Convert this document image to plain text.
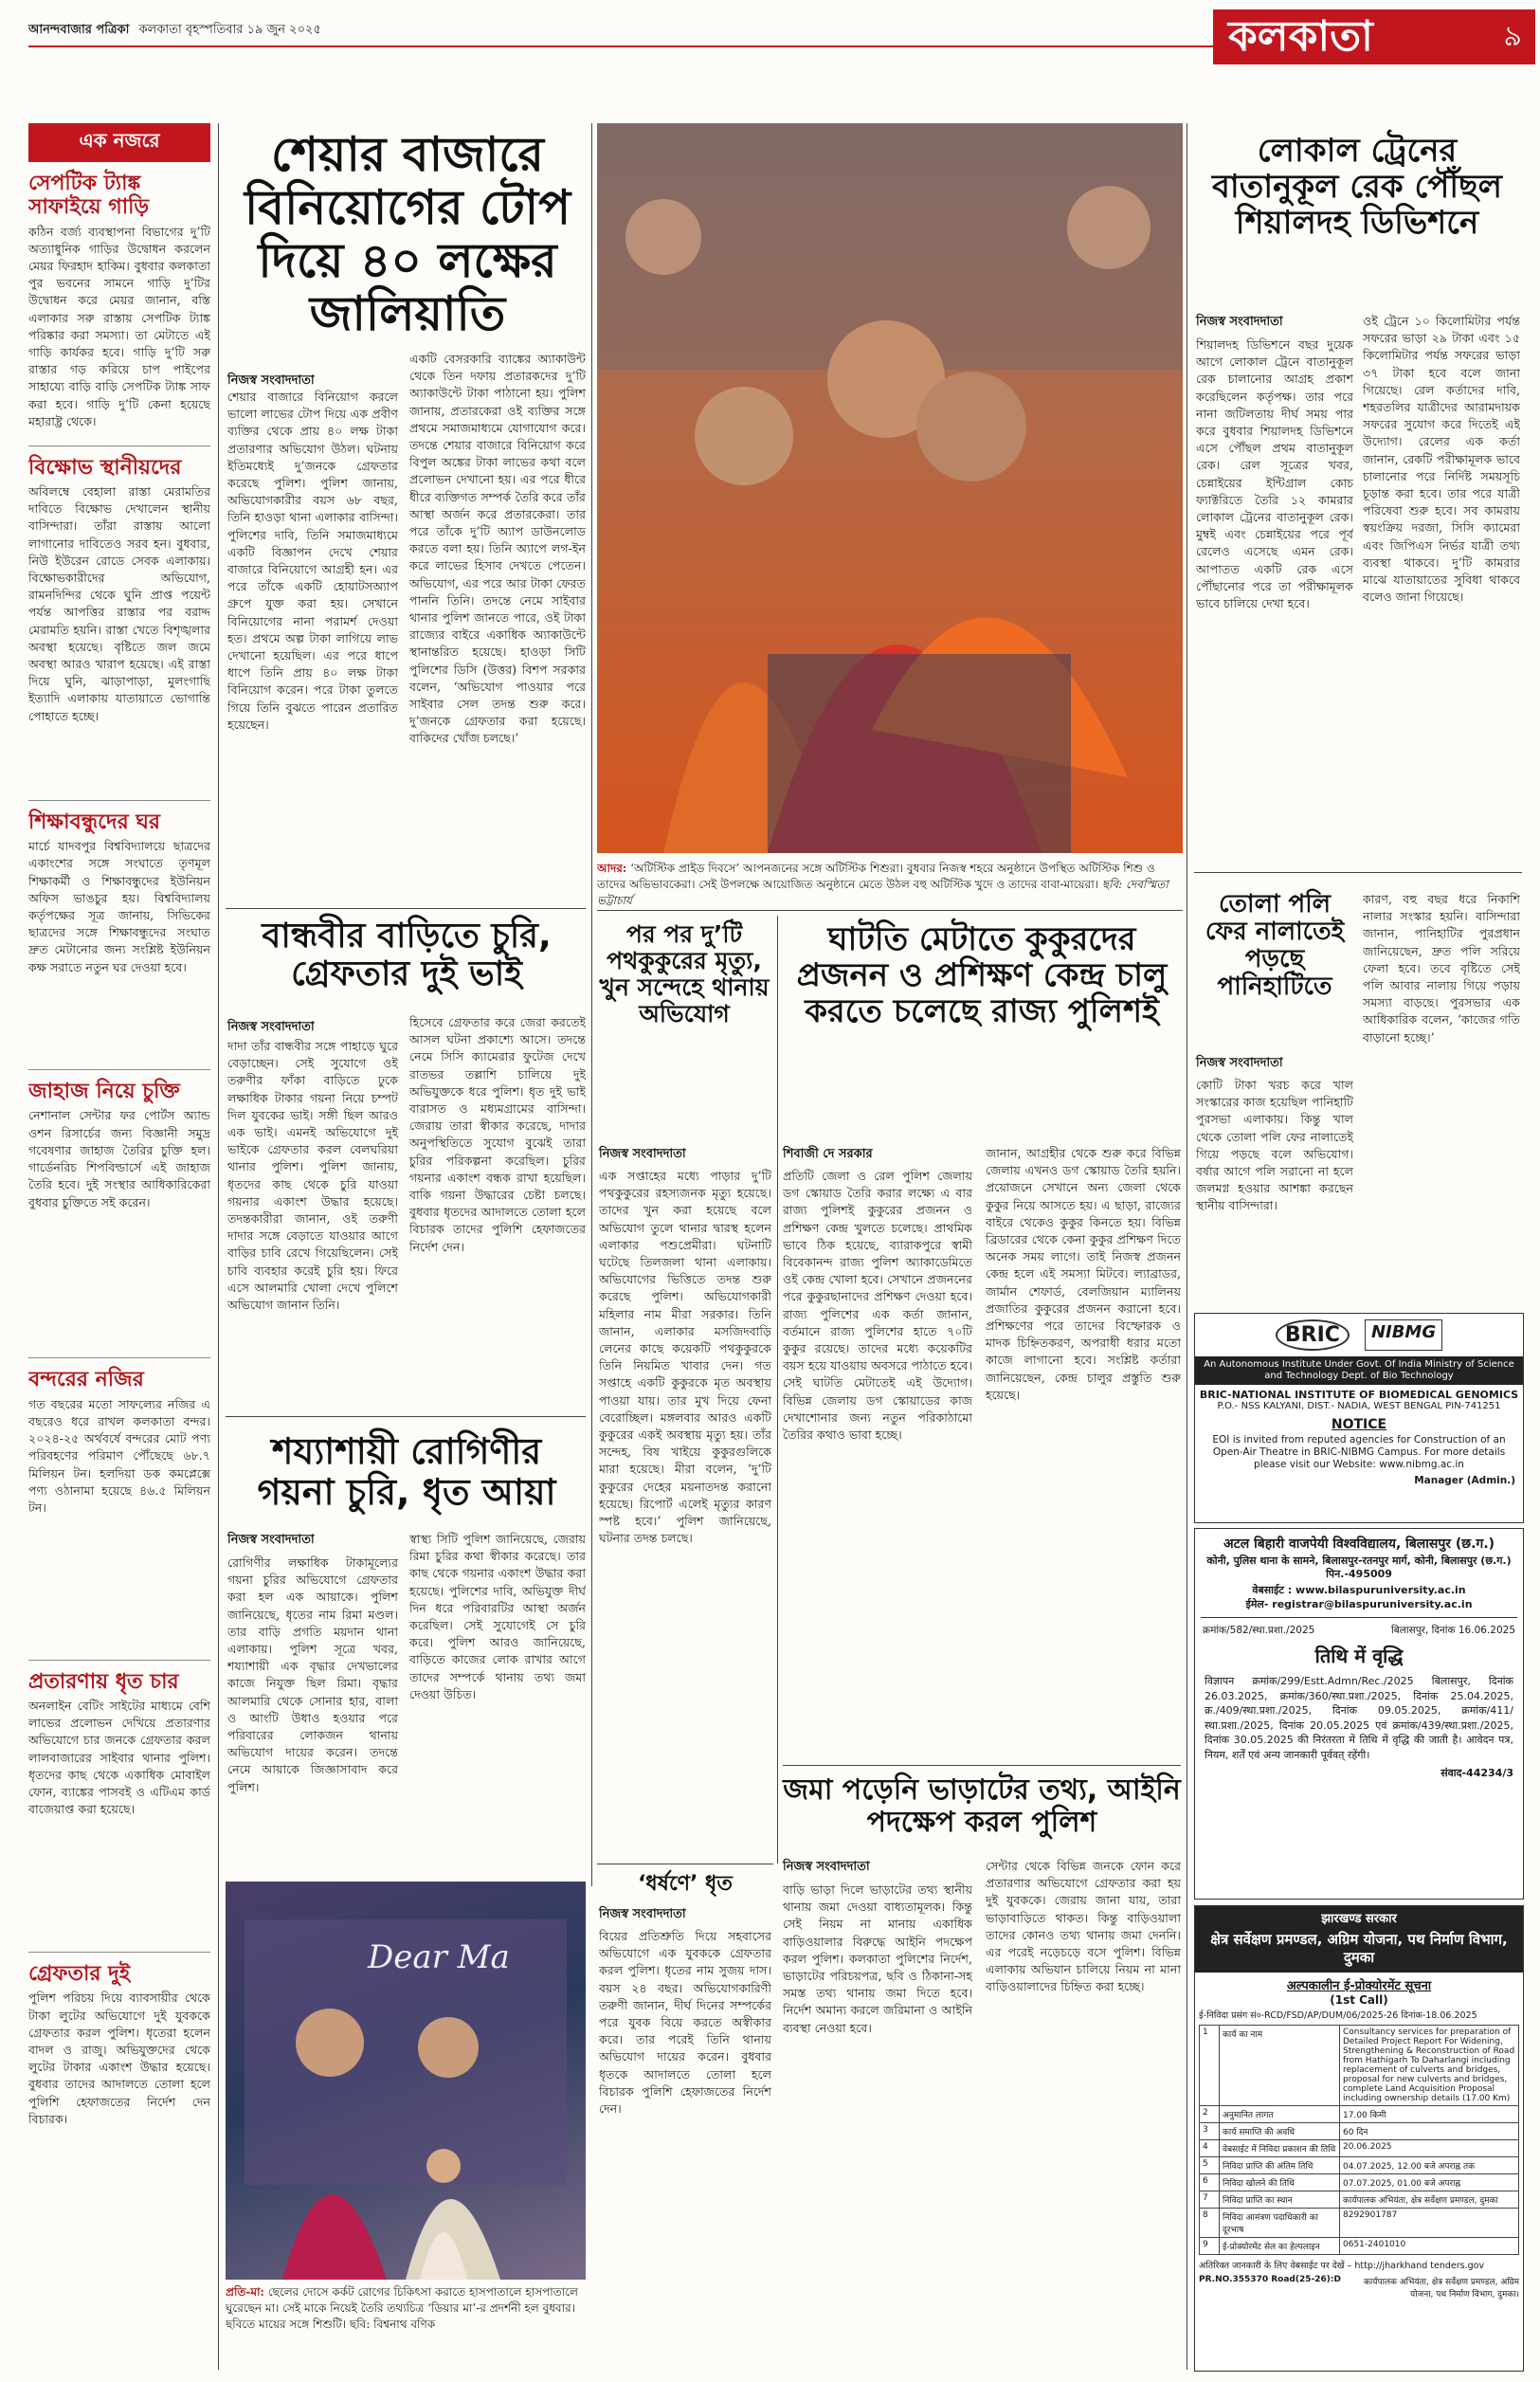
আনন্দবাজার পত্রিকা কলকাতা বৃহস্পতিবার ১৯ জুন ২০২৫	কলকাতা	৯
এক নজরে
সেপটিক ট্যাঙ্ক সাফাইয়ে গাড়ি
কঠিন বর্জ্য ব্যবস্থাপনা বিভাগের দু’টি অত্যাধুনিক গাড়ির উদ্বোধন করলেন মেয়র ফিরহাদ হাকিম। বুধবার কলকাতা পুর ভবনের সামনে গাড়ি দু’টির উদ্বোধন করে মেয়র জানান, বস্তি এলাকার সরু রাস্তায় সেপটিক ট্যাঙ্ক পরিষ্কার করা সমস্যা। তা মেটাতে এই গাড়ি কার্যকর হবে। গাড়ি দু’টি সরু রাস্তার গড় করিয়ে চাপ পাইপের সাহায্যে বাড়ি বাড়ি সেপটিক ট্যাঙ্ক সাফ করা হবে। গাড়ি দু’টি কেনা হয়েছে মহারাষ্ট্র থেকে।
বিক্ষোভ স্থানীয়দের
অবিলম্বে বেহালা রাস্তা মেরামতির দাবিতে বিক্ষোভ দেখালেন স্থানীয় বাসিন্দারা। তাঁরা রাস্তায় আলো লাগানোর দাবিতেও সরব হন। বুধবার, নিউ ইউরেন রোডে সেবক এলাকায়। বিক্ষোভকারীদের অভিযোগ, রামনদিন্দির থেকে ঘুনি প্রাপ্ত পয়েন্ট পর্যন্ত আপত্তির রাস্তার পর বরাদ্দ মেরামতি হয়নি। রাস্তা খেতে বিশৃঙ্খলার অবস্থা হয়েছে। বৃষ্টিতে জল জমে অবস্থা আরও খারাপ হয়েছে। এই রাস্তা দিয়ে ঘুনি, ঝাড়াপাড়া, মুলংগাছি ইত্যাদি এলাকায় যাতায়াতে ভোগান্তি পোহাতে হচ্ছে।
শিক্ষাবন্ধুদের ঘর
মার্চে যাদবপুর বিশ্ববিদ্যালয়ে ছাত্রদের একাংশের সঙ্গে সংঘাতে তৃণমূল শিক্ষাকর্মী ও শিক্ষাবন্ধুদের ইউনিয়ন অফিস ভাঙচুর হয়। বিশ্ববিদ্যালয় কর্তৃপক্ষের সূত্র জানায়, সিভিকের ছাত্রদের সঙ্গে শিক্ষাবন্ধুদের সংঘাত দ্রুত মেটানোর জন্য সংশ্লিষ্ট ইউনিয়ন কক্ষ সরাতে নতুন ঘর দেওয়া হবে।
জাহাজ নিয়ে চুক্তি
নেশানাল সেন্টার ফর পোর্টস অ্যান্ড ওশন রিসার্চের জন্য বিজ্ঞানী সমুদ্র গবেষণার জাহাজ তৈরির চুক্তি হল। গার্ডেনরিচ শিপবিল্ডার্সে এই জাহাজ তৈরি হবে। দুই সংস্থার আধিকারিকেরা বুধবার চুক্তিতে সই করেন।
বন্দরের নজির
গত বছরের মতো সাফল্যের নজির এ বছরেও ধরে রাখল কলকাতা বন্দর। ২০২৪-২৫ অর্থবর্ষে বন্দরের মোট পণ্য পরিবহণের পরিমাণ পৌঁছেছে ৬৮.৭ মিলিয়ন টন। হলদিয়া ডক কমপ্লেক্সে পণ্য ওঠানামা হয়েছে ৪৬.৫ মিলিয়ন টন।
প্রতারণায় ধৃত চার
অনলাইন বেটিং সাইটের মাধ্যমে বেশি লাভের প্রলোভন দেখিয়ে প্রতারণার অভিযোগে চার জনকে গ্রেফতার করল লালবাজারের সাইবার থানার পুলিশ। ধৃতদের কাছ থেকে একাধিক মোবাইল ফোন, ব্যাঙ্কের পাসবই ও এটিএম কার্ড বাজেয়াপ্ত করা হয়েছে।
গ্রেফতার দুই
পুলিশ পরিচয় দিয়ে ব্যাবসায়ীর থেকে টাকা লুটের অভিযোগে দুই যুবককে গ্রেফতার করল পুলিশ। ধৃতেরা হলেন বাদল ও রাজু। অভিযুক্তদের থেকে লুটের টাকার একাংশ উদ্ধার হয়েছে। বুধবার তাদের আদালতে তোলা হলে পুলিশি হেফাজতের নির্দেশ দেন বিচারক।
শেয়ার বাজারে বিনিয়োগের টোপ দিয়ে ৪০ লক্ষের জালিয়াতি
নিজস্ব সংবাদদাতা
শেয়ার বাজারে বিনিয়োগ করলে ভালো লাভের টোপ দিয়ে এক প্রবীণ ব্যক্তির থেকে প্রায় ৪০ লক্ষ টাকা প্রতারণার অভিযোগ উঠল। ঘটনায় ইতিমধ্যেই দু’জনকে গ্রেফতার করেছে পুলিশ। পুলিশ জানায়, অভিযোগকারীর বয়স ৬৮ বছর, তিনি হাওড়া থানা এলাকার বাসিন্দা। পুলিশের দাবি, তিনি সমাজমাধ্যমে একটি বিজ্ঞাপন দেখে শেয়ার বাজারে বিনিয়োগে আগ্রহী হন। এর পরে তাঁকে একটি হোয়াটসঅ্যাপ গ্রুপে যুক্ত করা হয়। সেখানে বিনিয়োগের নানা পরামর্শ দেওয়া হত। প্রথমে অল্প টাকা লাগিয়ে লাভ দেখানো হয়েছিল। এর পরে ধাপে ধাপে তিনি প্রায় ৪০ লক্ষ টাকা বিনিয়োগ করেন। পরে টাকা তুলতে গিয়ে তিনি বুঝতে পারেন প্রতারিত হয়েছেন।
একটি বেসরকারি ব্যাঙ্কের অ্যাকাউন্ট থেকে তিন দফায় প্রতারকদের দু’টি অ্যাকাউন্টে টাকা পাঠানো হয়। পুলিশ জানায়, প্রতারকেরা ওই ব্যক্তির সঙ্গে প্রথমে সমাজমাধ্যমে যোগাযোগ করে। তদন্তে শেয়ার বাজারে বিনিয়োগ করে বিপুল অঙ্কের টাকা লাভের কথা বলে প্রলোভন দেখানো হয়। এর পরে ধীরে ধীরে ব্যক্তিগত সম্পর্ক তৈরি করে তাঁর আস্থা অর্জন করে প্রতারকেরা। তার পরে তাঁকে দু’টি অ্যাপ ডাউনলোড করতে বলা হয়। তিনি অ্যাপে লগ-ইন করে লাভের হিসাব দেখতে পেতেন। অভিযোগ, এর পরে আর টাকা ফেরত পাননি তিনি। তদন্তে নেমে সাইবার থানার পুলিশ জানতে পারে, ওই টাকা রাজ্যের বাইরে একাধিক অ্যাকাউন্টে স্থানান্তরিত হয়েছে। হাওড়া সিটি পুলিশের ডিসি (উত্তর) বিশপ সরকার বলেন, ‘অভিযোগ পাওয়ার পরে সাইবার সেল তদন্ত শুরু করে। দু’জনকে গ্রেফতার করা হয়েছে। বাকিদের খোঁজ চলছে।’
বান্ধবীর বাড়িতে চুরি, গ্রেফতার দুই ভাই
নিজস্ব সংবাদদাতা
দাদা তাঁর বান্ধবীর সঙ্গে পাহাড়ে ঘুরে বেড়াচ্ছেন। সেই সুযোগে ওই তরুণীর ফাঁকা বাড়িতে ঢুকে লক্ষাধিক টাকার গয়না নিয়ে চম্পট দিল যুবকের ভাই। সঙ্গী ছিল আরও এক ভাই। এমনই অভিযোগে দুই ভাইকে গ্রেফতার করল বেলঘরিয়া থানার পুলিশ। পুলিশ জানায়, ধৃতদের কাছ থেকে চুরি যাওয়া গয়নার একাংশ উদ্ধার হয়েছে। তদন্তকারীরা জানান, ওই তরুণী দাদার সঙ্গে বেড়াতে যাওয়ার আগে বাড়ির চাবি রেখে গিয়েছিলেন। সেই চাবি ব্যবহার করেই চুরি হয়। ফিরে এসে আলমারি খোলা দেখে পুলিশে অভিযোগ জানান তিনি।
হিসেবে গ্রেফতার করে জেরা করতেই আসল ঘটনা প্রকাশ্যে আসে। তদন্তে নেমে সিসি ক্যামেরার ফুটেজ দেখে রাতভর তল্লাশি চালিয়ে দুই অভিযুক্তকে ধরে পুলিশ। ধৃত দুই ভাই বারাসত ও মধ্যমগ্রামের বাসিন্দা। জেরায় তারা স্বীকার করেছে, দাদার অনুপস্থিতিতে সুযোগ বুঝেই তারা চুরির পরিকল্পনা করেছিল। চুরির গয়নার একাংশ বন্ধক রাখা হয়েছিল। বাকি গয়না উদ্ধারের চেষ্টা চলছে। বুধবার ধৃতদের আদালতে তোলা হলে বিচারক তাদের পুলিশি হেফাজতের নির্দেশ দেন।
শয্যাশায়ী রোগিণীর গয়না চুরি, ধৃত আয়া
নিজস্ব সংবাদদাতা
রোগিণীর লক্ষাধিক টাকামূল্যের গয়না চুরির অভিযোগে গ্রেফতার করা হল এক আয়াকে। পুলিশ জানিয়েছে, ধৃতের নাম রিমা মণ্ডল। তার বাড়ি প্রগতি ময়দান থানা এলাকায়। পুলিশ সূত্রে খবর, শয্যাশায়ী এক বৃদ্ধার দেখভালের কাজে নিযুক্ত ছিল রিমা। বৃদ্ধার আলমারি থেকে সোনার হার, বালা ও আংটি উধাও হওয়ার পরে পরিবারের লোকজন থানায় অভিযোগ দায়ের করেন। তদন্তে নেমে আয়াকে জিজ্ঞাসাবাদ করে পুলিশ।
স্বাস্থ্য সিটি পুলিশ জানিয়েছে, জেরায় রিমা চুরির কথা স্বীকার করেছে। তার কাছ থেকে গয়নার একাংশ উদ্ধার করা হয়েছে। পুলিশের দাবি, অভিযুক্ত দীর্ঘ দিন ধরে পরিবারটির আস্থা অর্জন করেছিল। সেই সুযোগেই সে চুরি করে। পুলিশ আরও জানিয়েছে, বাড়িতে কাজের লোক রাখার আগে তাদের সম্পর্কে থানায় তথ্য জমা দেওয়া উচিত।
Dear Ma
প্রতি-মা: ছেলের দোসে কর্কট রোগের চিকিৎসা করাতে হাসপাতালে হাসপাতালে ঘুরেছেন মা। সেই মাকে নিয়েই তৈরি তথ্যচিত্র ‘ডিয়ার মা’-র প্রদর্শনী হল বুধবার। ছবিতে মায়ের সঙ্গে শিশুটি। ছবি: বিশ্বনাথ বণিক
আদর: ‘অটিস্টিক প্রাইড দিবসে’ আপনজনের সঙ্গে অটিস্টিক শিশুরা। বুধবার নিজস্ব শহরে অনুষ্ঠানে উপস্থিত অটিস্টিক শিশু ও তাদের অভিভাবকেরা। সেই উপলক্ষে আয়োজিত অনুষ্ঠানে মেতে উঠল বহু অটিস্টিক খুদে ও তাদের বাবা-মায়েরা। ছবি: দেবস্মিতা ভট্টাচার্য
পর পর দু’টি পথকুকুরের মৃত্যু, খুন সন্দেহে থানায় অভিযোগ
নিজস্ব সংবাদদাতা
এক সপ্তাহের মধ্যে পাড়ার দু’টি পথকুকুরের রহস্যজনক মৃত্যু হয়েছে। তাদের খুন করা হয়েছে বলে অভিযোগ তুলে থানার দ্বারস্থ হলেন এলাকার পশুপ্রেমীরা। ঘটনাটি ঘটেছে তিলজলা থানা এলাকায়। অভিযোগের ভিত্তিতে তদন্ত শুরু করেছে পুলিশ। অভিযোগকারী মহিলার নাম মীরা সরকার। তিনি জানান, এলাকার মসজিদবাড়ি লেনের কাছে কয়েকটি পথকুকুরকে তিনি নিয়মিত খাবার দেন। গত সপ্তাহে একটি কুকুরকে মৃত অবস্থায় পাওয়া যায়। তার মুখ দিয়ে ফেনা বেরোচ্ছিল। মঙ্গলবার আরও একটি কুকুরের একই অবস্থায় মৃত্যু হয়। তাঁর সন্দেহ, বিষ খাইয়ে কুকুরগুলিকে মারা হয়েছে। মীরা বলেন, ‘দু’টি কুকুরের দেহের ময়নাতদন্ত করানো হয়েছে। রিপোর্ট এলেই মৃত্যুর কারণ স্পষ্ট হবে।’ পুলিশ জানিয়েছে, ঘটনার তদন্ত চলছে।
ঘাটতি মেটাতে কুকুরদের প্রজনন ও প্রশিক্ষণ কেন্দ্র চালু করতে চলেছে রাজ্য পুলিশই
শিবাজী দে সরকার
প্রতিটি জেলা ও রেল পুলিশ জেলায় ডগ স্কোয়াড তৈরি করার লক্ষ্যে এ বার রাজ্য পুলিশই কুকুরের প্রজনন ও প্রশিক্ষণ কেন্দ্র খুলতে চলেছে। প্রাথমিক ভাবে ঠিক হয়েছে, ব্যারাকপুরে স্বামী বিবেকানন্দ রাজ্য পুলিশ অ্যাকাডেমিতে ওই কেন্দ্র খোলা হবে। সেখানে প্রজননের পরে কুকুরছানাদের প্রশিক্ষণ দেওয়া হবে। রাজ্য পুলিশের এক কর্তা জানান, বর্তমানে রাজ্য পুলিশের হাতে ৭০টি কুকুর রয়েছে। তাদের মধ্যে কয়েকটির বয়স হয়ে যাওয়ায় অবসরে পাঠাতে হবে। সেই ঘাটতি মেটাতেই এই উদ্যোগ। বিভিন্ন জেলায় ডগ স্কোয়াডের কাজ দেখাশোনার জন্য নতুন পরিকাঠামো তৈরির কথাও ভাবা হচ্ছে।
জানান, আগ্রহীর থেকে শুরু করে বিভিন্ন জেলায় এখনও ডগ স্কোয়াড তৈরি হয়নি। প্রয়োজনে সেখানে অন্য জেলা থেকে কুকুর নিয়ে আসতে হয়। এ ছাড়া, রাজ্যের বাইরে থেকেও কুকুর কিনতে হয়। বিভিন্ন ব্রিডারের থেকে কেনা কুকুর প্রশিক্ষণ দিতে অনেক সময় লাগে। তাই নিজস্ব প্রজনন কেন্দ্র হলে এই সমস্যা মিটবে। ল্যাব্রাডর, জার্মান শেফার্ড, বেলজিয়ান ম্যালিনয় প্রজাতির কুকুরের প্রজনন করানো হবে। প্রশিক্ষণের পরে তাদের বিস্ফোরক ও মাদক চিহ্নিতকরণ, অপরাধী ধরার মতো কাজে লাগানো হবে। সংশ্লিষ্ট কর্তারা জানিয়েছেন, কেন্দ্র চালুর প্রস্তুতি শুরু হয়েছে।
জমা পড়েনি ভাড়াটের তথ্য, আইনি পদক্ষেপ করল পুলিশ
নিজস্ব সংবাদদাতা
বাড়ি ভাড়া দিলে ভাড়াটের তথ্য স্থানীয় থানায় জমা দেওয়া বাধ্যতামূলক। কিন্তু সেই নিয়ম না মানায় একাধিক বাড়িওয়ালার বিরুদ্ধে আইনি পদক্ষেপ করল পুলিশ। কলকাতা পুলিশের নির্দেশ, ভাড়াটের পরিচয়পত্র, ছবি ও ঠিকানা-সহ সমস্ত তথ্য থানায় জমা দিতে হবে। নির্দেশ অমান্য করলে জরিমানা ও আইনি ব্যবস্থা নেওয়া হবে।
সেন্টার থেকে বিভিন্ন জনকে ফোন করে প্রতারণার অভিযোগে গ্রেফতার করা হয় দুই যুবককে। জেরায় জানা যায়, তারা ভাড়াবাড়িতে থাকত। কিন্তু বাড়িওয়ালা তাদের কোনও তথ্য থানায় জমা দেননি। এর পরেই নড়েচড়ে বসে পুলিশ। বিভিন্ন এলাকায় অভিযান চালিয়ে নিয়ম না মানা বাড়িওয়ালাদের চিহ্নিত করা হচ্ছে।
‘ধর্ষণে’ ধৃত
নিজস্ব সংবাদদাতা
বিয়ের প্রতিশ্রুতি দিয়ে সহবাসের অভিযোগে এক যুবককে গ্রেফতার করল পুলিশ। ধৃতের নাম সুজয় দাস। বয়স ২৪ বছর। অভিযোগকারিণী তরুণী জানান, দীর্ঘ দিনের সম্পর্কের পরে যুবক বিয়ে করতে অস্বীকার করে। তার পরেই তিনি থানায় অভিযোগ দায়ের করেন। বুধবার ধৃতকে আদালতে তোলা হলে বিচারক পুলিশি হেফাজতের নির্দেশ দেন।
লোকাল ট্রেনের বাতানুকূল রেক পৌঁছল শিয়ালদহ ডিভিশনে
নিজস্ব সংবাদদাতা
শিয়ালদহ ডিভিশনে বছর দুয়েক আগে লোকাল ট্রেনে বাতানুকূল রেক চালানোর আগ্রহ প্রকাশ করেছিলেন কর্তৃপক্ষ। তার পরে নানা জটিলতায় দীর্ঘ সময় পার করে বুধবার শিয়ালদহ ডিভিশনে এসে পৌঁছল প্রথম বাতানুকূল রেক। রেল সূত্রের খবর, চেন্নাইয়ের ইন্টিগ্রাল কোচ ফ্যাক্টরিতে তৈরি ১২ কামরার লোকাল ট্রেনের বাতানুকূল রেক। মুম্বই এবং চেন্নাইয়ের পরে পূর্ব রেলেও এসেছে এমন রেক। আপাতত একটি রেক এসে পৌঁছানোর পরে তা পরীক্ষামূলক ভাবে চালিয়ে দেখা হবে।
ওই ট্রেনে ১০ কিলোমিটার পর্যন্ত সফরের ভাড়া ২৯ টাকা এবং ১৫ কিলোমিটার পর্যন্ত সফরের ভাড়া ৩৭ টাকা হবে বলে জানা গিয়েছে। রেল কর্তাদের দাবি, শহরতলির যাত্রীদের আরামদায়ক সফরের সুযোগ করে দিতেই এই উদ্যোগ। রেলের এক কর্তা জানান, রেকটি পরীক্ষামূলক ভাবে চালানোর পরে নির্দিষ্ট সময়সূচি চূড়ান্ত করা হবে। তার পরে যাত্রী পরিষেবা শুরু হবে। সব কামরায় স্বয়ংক্রিয় দরজা, সিসি ক্যামেরা এবং জিপিএস নির্ভর যাত্রী তথ্য ব্যবস্থা থাকবে। দু’টি কামরার মাঝে যাতায়াতের সুবিধা থাকবে বলেও জানা গিয়েছে।
তোলা পলি ফের নালাতেই পড়ছে পানিহাটিতে
নিজস্ব সংবাদদাতা
কোটি টাকা খরচ করে খাল সংস্কারের কাজ হয়েছিল পানিহাটি পুরসভা এলাকায়। কিন্তু খাল থেকে তোলা পলি ফের নালাতেই গিয়ে পড়ছে বলে অভিযোগ। বর্ষার আগে পলি সরানো না হলে জলমগ্ন হওয়ার আশঙ্কা করছেন স্থানীয় বাসিন্দারা।
কারণ, বহু বছর ধরে নিকাশি নালার সংস্কার হয়নি। বাসিন্দারা জানান, পানিহাটির পুরপ্রধান জানিয়েছেন, দ্রুত পলি সরিয়ে ফেলা হবে। তবে বৃষ্টিতে সেই পলি আবার নালায় গিয়ে পড়ায় সমস্যা বাড়ছে। পুরসভার এক আধিকারিক বলেন, ‘কাজের গতি বাড়ানো হচ্ছে।’
BRIC	NIBMG
An Autonomous Institute Under Govt. Of India Ministry of Science and Technology Dept. of Bio Technology
BRIC-NATIONAL INSTITUTE OF BIOMEDICAL GENOMICS
P.O.- NSS KALYANI, DIST.- NADIA, WEST BENGAL PIN-741251
NOTICE
EOI is invited from reputed agencies for Construction of an Open-Air Theatre in BRIC-NIBMG Campus. For more details please visit our Website: www.nibmg.ac.in
Manager (Admin.)
अटल बिहारी वाजपेयी विश्वविद्यालय, बिलासपुर (छ.ग.)
कोनी, पुलिस थाना के सामने, बिलासपुर-रतनपुर मार्ग, कोनी, बिलासपुर (छ.ग.) पिन.-495009
वेबसाईट : www.bilaspuruniversity.ac.in
ईमेल- registrar@bilaspuruniversity.ac.in
क्रमांक/582/स्था.प्रशा./2025	बिलासपुर, दिनांक 16.06.2025
तिथि में वृद्धि
विज्ञापन क्रमांक/299/Estt.Admn/Rec./2025 बिलासपुर, दिनांक 26.03.2025, क्रमांक/360/स्था.प्रशा./2025, दिनांक 25.04.2025, क्र./409/स्था.प्रशा./2025, दिनांक 09.05.2025, क्रमांक/411/स्था.प्रशा./2025, दिनांक 20.05.2025 एवं क्रमांक/439/स्था.प्रशा./2025, दिनांक 30.05.2025 की निरंतरता में तिथि में वृद्धि की जाती है। आवेदन पत्र, नियम, शर्तें एवं अन्य जानकारी पूर्ववत् रहेंगी।
संवाद-44234/3
झारखण्ड सरकार
क्षेत्र सर्वेक्षण प्रमण्डल, अग्रिम योजना, पथ निर्माण विभाग, दुमका
अल्पकालीन ई-प्रोक्योरमेंट सूचना
(1st Call)
ई-निविदा प्रसंग सं०-RCD/FSD/AP/DUM/06/2025-26 दिनांक-18.06.2025
1	कार्य का नाम	Consultancy services for preparation of Detailed Project Report For Widening, Strengthening & Reconstruction of Road from Hathigarh To Daharlangi including replacement of culverts and bridges, proposal for new culverts and bridges, complete Land Acquisition Proposal including ownership details (17.00 Km)
2	अनुमानित लागत	17.00 किमी
3	कार्य समाप्ति की अवधि	60 दिन
4	वेबसाईट में निविदा प्रकाशन की तिथि	20.06.2025
5	निविदा प्राप्ति की अंतिम तिथि	04.07.2025, 12.00 बजे अपराह्न तक
6	निविदा खोलने की तिथि	07.07.2025, 01.00 बजे अपराह्न
7	निविदा प्राप्ति का स्थान	कार्यपालक अभियंता, क्षेत्र सर्वेक्षण प्रमण्डल, दुमका
8	निविदा आमंत्रण पदाधिकारी का दूरभाष	8292901787
9	ई-प्रोक्योरमेंट सेल का हेल्पलाइन	0651-2401010
अतिरिक्त जानकारी के लिए वेबसाईट पर देखें – http://jharkhand tenders.gov
PR.NO.355370 Road(25-26):D	कार्यपालक अभियंता, क्षेत्र सर्वेक्षण प्रमण्डल, अग्रिम योजना, पथ निर्माण विभाग, दुमका।
